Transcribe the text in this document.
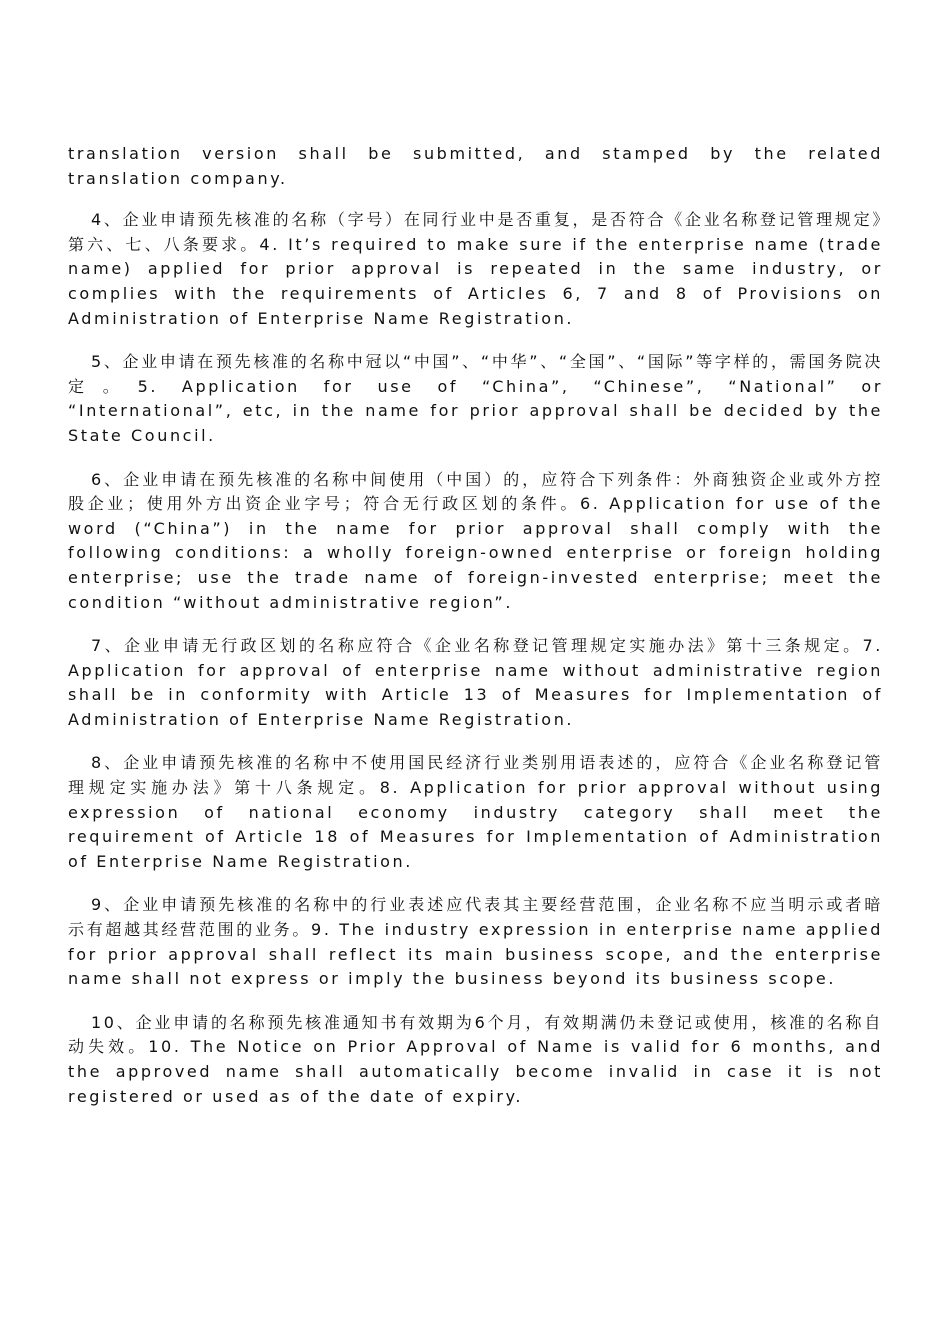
translation version shall be submitted, and stamped by the related translation company.

4、企业申请预先核准的名称（字号）在同行业中是否重复，是否符合《企业名称登记管理规定》第六、七、八条要求。4. It’s required to make sure if the enterprise name (trade name) applied for prior approval is repeated in the same industry, or complies with the requirements of Articles 6, 7 and 8 of Provisions on Administration of Enterprise Name Registration.

5、企业申请在预先核准的名称中冠以“中国”、“中华”、“全国”、“国际”等字样的，需国务院决定。5. Application for use of “China”, “Chinese”, “National” or “International”, etc, in the name for prior approval shall be decided by the State Council.

6、企业申请在预先核准的名称中间使用（中国）的，应符合下列条件：外商独资企业或外方控股企业；使用外方出资企业字号；符合无行政区划的条件。6. Application for use of the word (“China”) in the name for prior approval shall comply with the following conditions: a wholly foreign-owned enterprise or foreign holding enterprise; use the trade name of foreign-invested enterprise; meet the condition “without administrative region”.

7、企业申请无行政区划的名称应符合《企业名称登记管理规定实施办法》第十三条规定。7. Application for approval of enterprise name without administrative region shall be in conformity with Article 13 of Measures for Implementation of Administration of Enterprise Name Registration.

8、企业申请预先核准的名称中不使用国民经济行业类别用语表述的，应符合《企业名称登记管理规定实施办法》第十八条规定。8. Application for prior approval without using expression of national economy industry category shall meet the requirement of Article 18 of Measures for Implementation of Administration of Enterprise Name Registration.

9、企业申请预先核准的名称中的行业表述应代表其主要经营范围，企业名称不应当明示或者暗示有超越其经营范围的业务。9. The industry expression in enterprise name applied for prior approval shall reflect its main business scope, and the enterprise name shall not express or imply the business beyond its business scope.

10、企业申请的名称预先核准通知书有效期为6个月，有效期满仍未登记或使用，核准的名称自动失效。10. The Notice on Prior Approval of Name is valid for 6 months, and the approved name shall automatically become invalid in case it is not registered or used as of the date of expiry.
